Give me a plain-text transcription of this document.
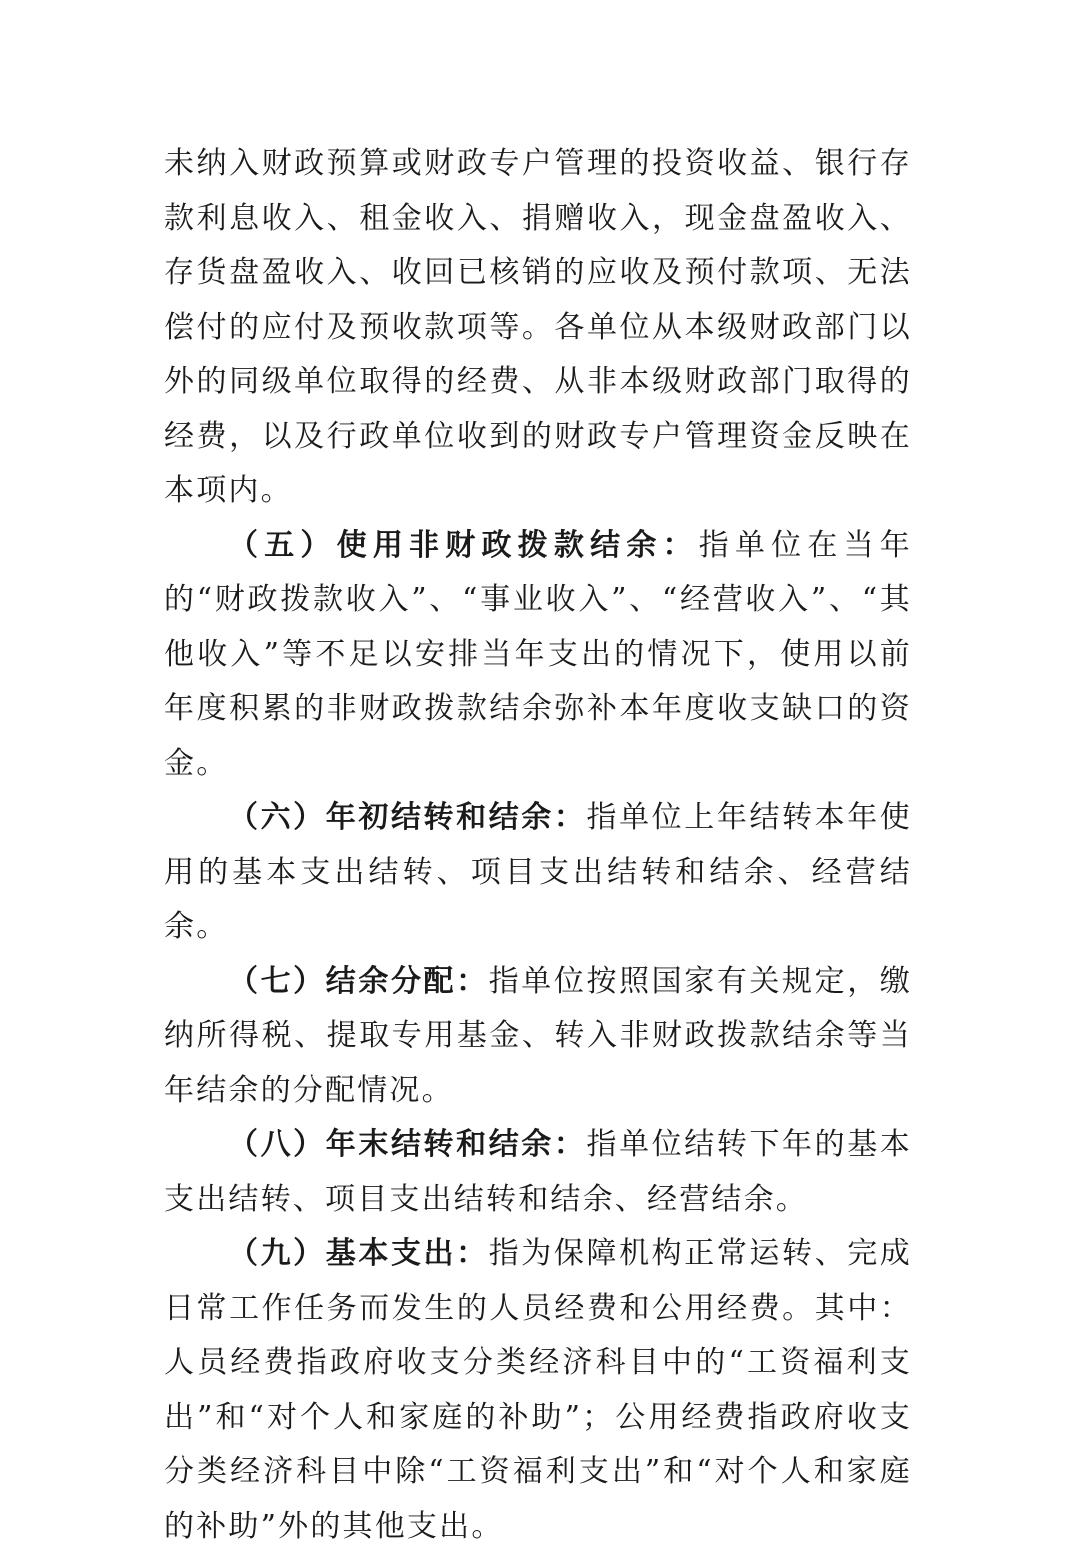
未纳入财政预算或财政专户管理的投资收益、银行存款利息收入、租金收入、捐赠收入，现金盘盈收入、存货盘盈收入、收回已核销的应收及预付款项、无法偿付的应付及预收款项等。各单位从本级财政部门以外的同级单位取得的经费、从非本级财政部门取得的经费，以及行政单位收到的财政专户管理资金反映在本项内。

（五）使用非财政拨款结余：指单位在当年的“财政拨款收入”、“事业收入”、“经营收入”、“其他收入”等不足以安排当年支出的情况下，使用以前年度积累的非财政拨款结余弥补本年度收支缺口的资金。

（六）年初结转和结余：指单位上年结转本年使用的基本支出结转、项目支出结转和结余、经营结余。

（七）结余分配：指单位按照国家有关规定，缴纳所得税、提取专用基金、转入非财政拨款结余等当年结余的分配情况。

（八）年末结转和结余：指单位结转下年的基本支出结转、项目支出结转和结余、经营结余。

（九）基本支出：指为保障机构正常运转、完成日常工作任务而发生的人员经费和公用经费。其中：人员经费指政府收支分类经济科目中的“工资福利支出”和“对个人和家庭的补助”；公用经费指政府收支分类经济科目中除“工资福利支出”和“对个人和家庭的补助”外的其他支出。
